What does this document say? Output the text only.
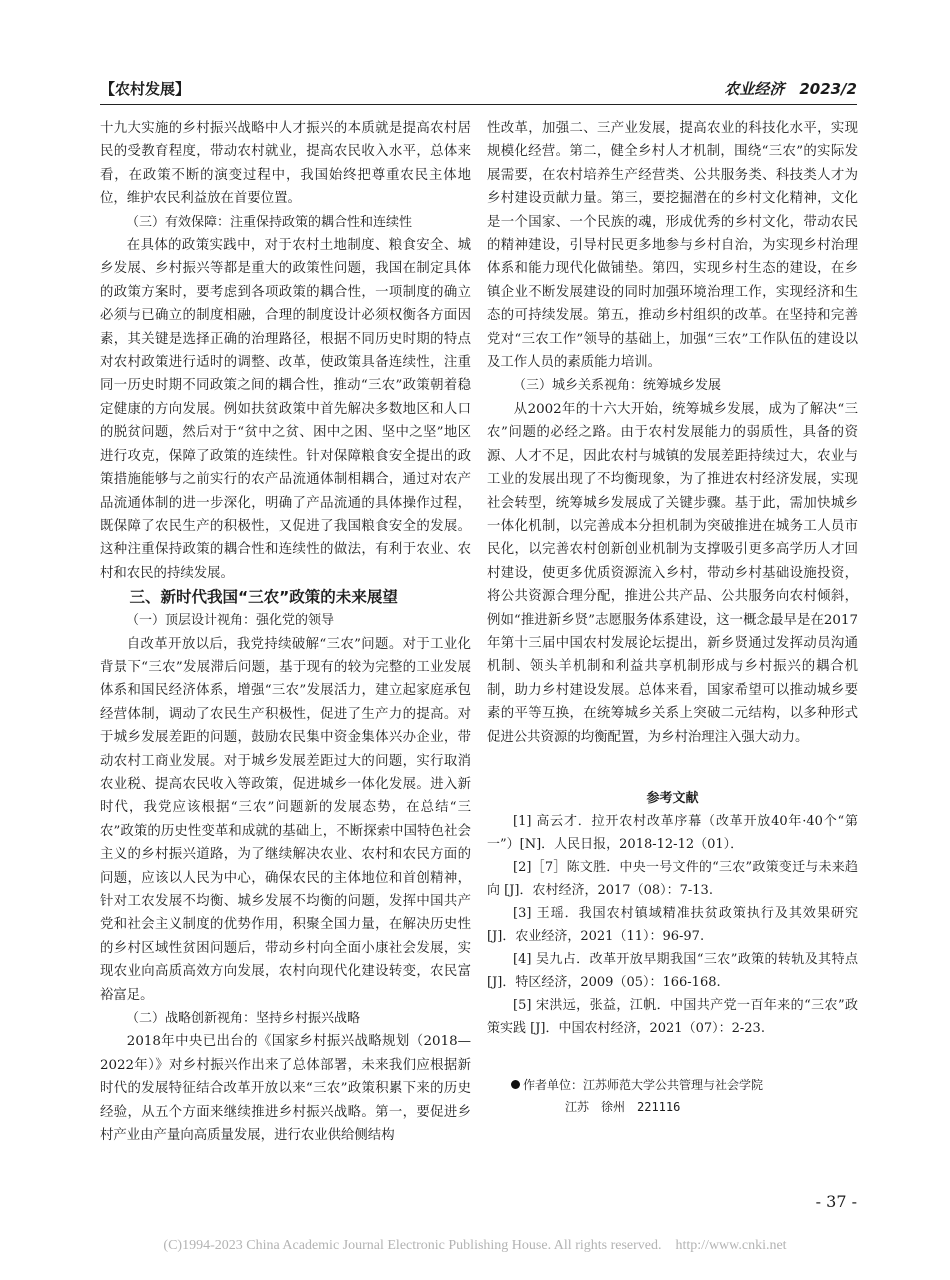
【农村发展】	农业经济　2023/2

十九大实施的乡村振兴战略中人才振兴的本质就是提高农村居民的受教育程度，带动农村就业，提高农民收入水平，总体来看，在政策不断的演变过程中，我国始终把尊重农民主体地位，维护农民利益放在首要位置。

（三）有效保障：注重保持政策的耦合性和连续性

在具体的政策实践中，对于农村土地制度、粮食安全、城乡发展、乡村振兴等都是重大的政策性问题，我国在制定具体的政策方案时，要考虑到各项政策的耦合性，一项制度的确立必须与已确立的制度相融，合理的制度设计必须权衡各方面因素，其关键是选择正确的治理路径，根据不同历史时期的特点对农村政策进行适时的调整、改革，使政策具备连续性，注重同一历史时期不同政策之间的耦合性，推动“三农”政策朝着稳定健康的方向发展。例如扶贫政策中首先解决多数地区和人口的脱贫问题，然后对于“贫中之贫、困中之困、坚中之坚”地区进行攻克，保障了政策的连续性。针对保障粮食安全提出的政策措施能够与之前实行的农产品流通体制相耦合，通过对农产品流通体制的进一步深化，明确了产品流通的具体操作过程，既保障了农民生产的积极性，又促进了我国粮食安全的发展。这种注重保持政策的耦合性和连续性的做法，有利于农业、农村和农民的持续发展。

三、新时代我国“三农”政策的未来展望
（一）顶层设计视角：强化党的领导

自改革开放以后，我党持续破解“三农”问题。对于工业化背景下“三农”发展滞后问题，基于现有的较为完整的工业发展体系和国民经济体系，增强“三农”发展活力，建立起家庭承包经营体制，调动了农民生产积极性，促进了生产力的提高。对于城乡发展差距的问题，鼓励农民集中资金集体兴办企业，带动农村工商业发展。对于城乡发展差距过大的问题，实行取消农业税、提高农民收入等政策，促进城乡一体化发展。进入新时代，我党应该根据“三农”问题新的发展态势，在总结“三农”政策的历史性变革和成就的基础上，不断探索中国特色社会主义的乡村振兴道路，为了继续解决农业、农村和农民方面的问题，应该以人民为中心，确保农民的主体地位和首创精神，针对工农发展不均衡、城乡发展不均衡的问题，发挥中国共产党和社会主义制度的优势作用，积聚全国力量，在解决历史性的乡村区域性贫困问题后，带动乡村向全面小康社会发展，实现农业向高质高效方向发展，农村向现代化建设转变，农民富裕富足。

（二）战略创新视角：坚持乡村振兴战略

2018年中央已出台的《国家乡村振兴战略规划（2018—2022年）》对乡村振兴作出来了总体部署，未来我们应根据新时代的发展特征结合改革开放以来“三农”政策积累下来的历史经验，从五个方面来继续推进乡村振兴战略。第一，要促进乡村产业由产量向高质量发展，进行农业供给侧结构

性改革，加强二、三产业发展，提高农业的科技化水平，实现规模化经营。第二，健全乡村人才机制，围绕“三农”的实际发展需要，在农村培养生产经营类、公共服务类、科技类人才为乡村建设贡献力量。第三，要挖掘潜在的乡村文化精神，文化是一个国家、一个民族的魂，形成优秀的乡村文化，带动农民的精神建设，引导村民更多地参与乡村自治，为实现乡村治理体系和能力现代化做铺垫。第四，实现乡村生态的建设，在乡镇企业不断发展建设的同时加强环境治理工作，实现经济和生态的可持续发展。第五，推动乡村组织的改革。在坚持和完善党对“三农工作”领导的基础上，加强“三农”工作队伍的建设以及工作人员的素质能力培训。

（三）城乡关系视角：统筹城乡发展

从2002年的十六大开始，统筹城乡发展，成为了解决“三农”问题的必经之路。由于农村发展能力的弱质性，具备的资源、人才不足，因此农村与城镇的发展差距持续过大，农业与工业的发展出现了不均衡现象，为了推进农村经济发展，实现社会转型，统筹城乡发展成了关键步骤。基于此，需加快城乡一体化机制，以完善成本分担机制为突破推进在城务工人员市民化，以完善农村创新创业机制为支撑吸引更多高学历人才回村建设，使更多优质资源流入乡村，带动乡村基础设施投资，将公共资源合理分配，推进公共产品、公共服务向农村倾斜，例如“推进新乡贤”志愿服务体系建设，这一概念最早是在2017年第十三届中国农村发展论坛提出，新乡贤通过发挥动员沟通机制、领头羊机制和利益共享机制形成与乡村振兴的耦合机制，助力乡村建设发展。总体来看，国家希望可以推动城乡要素的平等互换，在统筹城乡关系上突破二元结构，以多种形式促进公共资源的均衡配置，为乡村治理注入强大动力。

参考文献
[1] 高云才．拉开农村改革序幕（改革开放40年·40个“第一”）[N]．人民日报，2018-12-12（01）．
[2]［7］陈文胜．中央一号文件的“三农”政策变迁与未来趋向 [J]．农村经济，2017（08）：7-13.
[3] 王瑶．我国农村镇域精准扶贫政策执行及其效果研究 [J]．农业经济，2021（11）：96-97.
[4] 吴九占．改革开放早期我国“三农”政策的转轨及其特点 [J]．特区经济，2009（05）：166-168.
[5] 宋洪远，张益，江帆．中国共产党一百年来的“三农”政策实践 [J]．中国农村经济，2021（07）：2-23.
作者单位：江苏师范大学公共管理与社会学院
江苏　徐州　221116
- 37 -
(C)1994-2023 China Academic Journal Electronic Publishing House. All rights reserved.　http://www.cnki.net
